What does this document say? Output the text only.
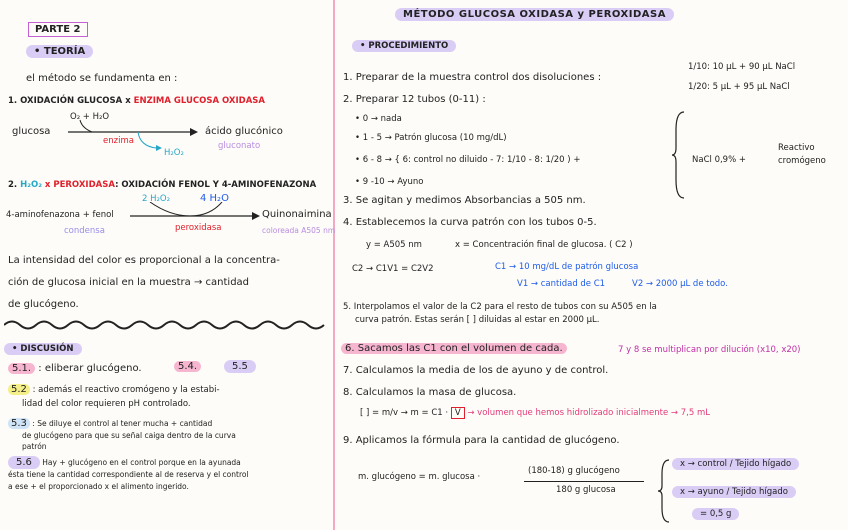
PARTE 2
• TEORÍA
el método se fundamenta en :
1. OXIDACIÓN GLUCOSA x ENZIMA GLUCOSA OXIDASA
O₂ + H₂O
glucosa
enzima
ácido glucónico
gluconato
H₂O₂
2. H₂O₂ x PEROXIDASA: OXIDACIÓN FENOL Y 4-AMINOFENAZONA
2 H₂O₂	4 H₂O
4-aminofenazona + fenol
condensa	peroxidasa
Quinonaimina
coloreada A505 nm
La intensidad del color es proporcional a la concentra-
ción de glucosa inicial en la muestra → cantidad
de glucógeno.
• DISCUSIÓN
5.1. : eliberar glucógeno.	5.4.	5.5
5.2 : además el reactivo cromógeno y la estabi-
lidad del color requieren pH controlado.
5.3 : Se diluye el control al tener mucha + cantidad
de glucógeno para que su señal caiga dentro de la curva
patrón
5.6 Hay + glucógeno en el control porque en la ayunada
ésta tiene la cantidad correspondiente al de reserva y el control
a ese + el proporcionado x el alimento ingerido.
MÉTODO GLUCOSA OXIDASA y PEROXIDASA
• PROCEDIMIENTO
1. Preparar de la muestra control dos disoluciones :
1/10: 10 µL + 90 µL NaCl
1/20: 5 µL + 95 µL NaCl
2. Preparar 12 tubos (0-11) :
• 0 → nada
• 1 - 5 → Patrón glucosa (10 mg/dL)
• 6 - 8 → { 6: control no diluido - 7: 1/10 - 8: 1/20 ) +
• 9 -10 → Ayuno
NaCl 0,9% +
Reactivo
cromógeno
3. Se agitan y medimos Absorbancias a 505 nm.
4. Establecemos la curva patrón con los tubos 0-5.
y = A505 nm	x = Concentración final de glucosa. ( C2 )
C2 → C1V1 = C2V2	C1 → 10 mg/dL de patrón glucosa
V1 → cantidad de C1	V2 → 2000 µL de todo.
5. Interpolamos el valor de la C2 para el resto de tubos con su A505 en la
curva patrón. Estas serán [ ] diluidas al estar en 2000 µL.
6. Sacamos las C1 con el volumen de cada.	7 y 8 se multiplican por dilución (x10, x20)
7. Calculamos la media de los de ayuno y de control.
8. Calculamos la masa de glucosa.
[ ] = m/v → m = C1 · V → volumen que hemos hidrolizado inicialmente → 7,5 mL
9. Aplicamos la fórmula para la cantidad de glucógeno.
m. glucógeno = m. glucosa ·
(180-18) g glucógeno
180 g glucosa
x → control / Tejido hígado
x → ayuno / Tejido hígado
= 0,5 g
